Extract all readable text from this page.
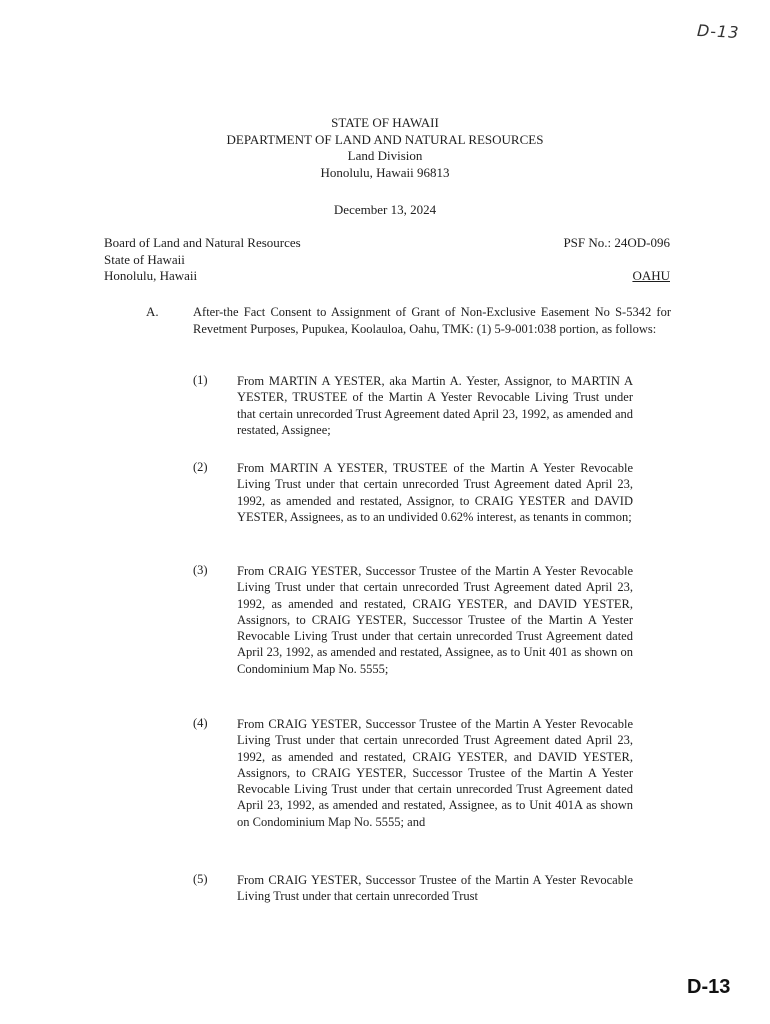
D-13
STATE OF HAWAII
DEPARTMENT OF LAND AND NATURAL RESOURCES
Land Division
Honolulu, Hawaii 96813
December 13, 2024
Board of Land and Natural Resources
State of Hawaii
Honolulu, Hawaii
PSF No.: 24OD-096
OAHU
A.	After-the Fact Consent to Assignment of Grant of Non-Exclusive Easement No S-5342 for Revetment Purposes, Pupukea, Koolauloa, Oahu, TMK: (1) 5-9-001:038 portion, as follows:
(1) From MARTIN A YESTER, aka Martin A. Yester, Assignor, to MARTIN A YESTER, TRUSTEE of the Martin A Yester Revocable Living Trust under that certain unrecorded Trust Agreement dated April 23, 1992, as amended and restated, Assignee;
(2) From MARTIN A YESTER, TRUSTEE of the Martin A Yester Revocable Living Trust under that certain unrecorded Trust Agreement dated April 23, 1992, as amended and restated, Assignor, to CRAIG YESTER and DAVID YESTER, Assignees, as to an undivided 0.62% interest, as tenants in common;
(3) From CRAIG YESTER, Successor Trustee of the Martin A Yester Revocable Living Trust under that certain unrecorded Trust Agreement dated April 23, 1992, as amended and restated, CRAIG YESTER, and DAVID YESTER, Assignors, to CRAIG YESTER, Successor Trustee of the Martin A Yester Revocable Living Trust under that certain unrecorded Trust Agreement dated April 23, 1992, as amended and restated, Assignee, as to Unit 401 as shown on Condominium Map No. 5555;
(4) From CRAIG YESTER, Successor Trustee of the Martin A Yester Revocable Living Trust under that certain unrecorded Trust Agreement dated April 23, 1992, as amended and restated, CRAIG YESTER, and DAVID YESTER, Assignors, to CRAIG YESTER, Successor Trustee of the Martin A Yester Revocable Living Trust under that certain unrecorded Trust Agreement dated April 23, 1992, as amended and restated, Assignee, as to Unit 401A as shown on Condominium Map No. 5555; and
(5) From CRAIG YESTER, Successor Trustee of the Martin A Yester Revocable Living Trust under that certain unrecorded Trust
D-13
